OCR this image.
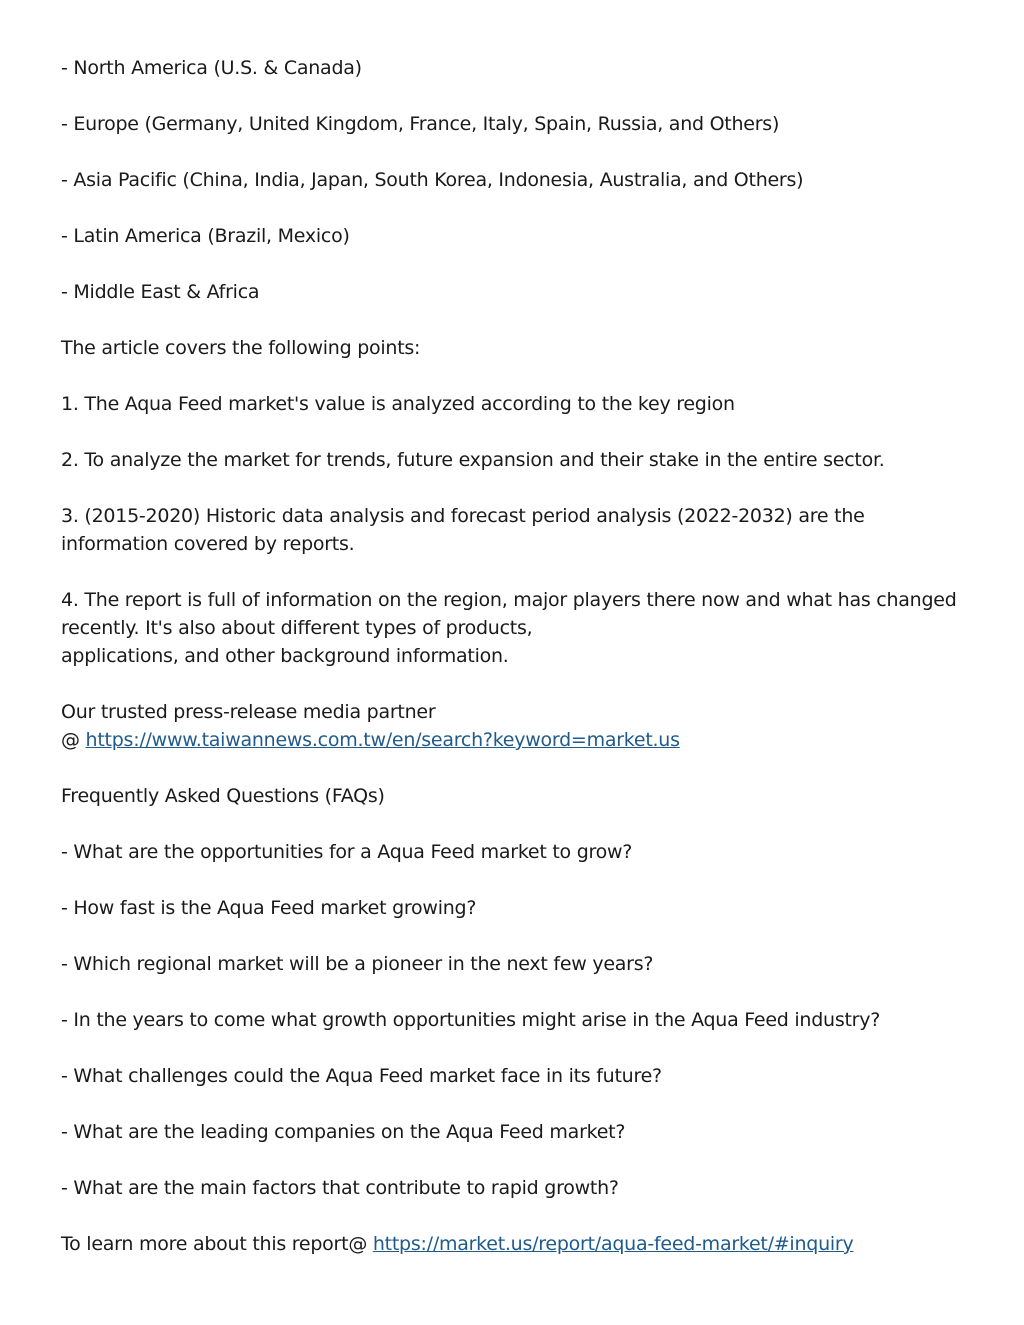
- North America (U.S. & Canada)

- Europe (Germany, United Kingdom, France, Italy, Spain, Russia, and Others)

- Asia Pacific (China, India, Japan, South Korea, Indonesia, Australia, and Others)

- Latin America (Brazil, Mexico)

- Middle East & Africa

The article covers the following points:

1. The Aqua Feed market's value is analyzed according to the key region

2. To analyze the market for trends, future expansion and their stake in the entire sector.

3. (2015-2020) Historic data analysis and forecast period analysis (2022-2032) are the information covered by reports.

4. The report is full of information on the region, major players there now and what has changed recently. It's also about different types of products,
applications, and other background information.

Our trusted press-release media partner
@ https://www.taiwannews.com.tw/en/search?keyword=market.us

Frequently Asked Questions (FAQs)

- What are the opportunities for a Aqua Feed market to grow?

- How fast is the Aqua Feed market growing?

- Which regional market will be a pioneer in the next few years?

- In the years to come what growth opportunities might arise in the Aqua Feed industry?

- What challenges could the Aqua Feed market face in its future?

- What are the leading companies on the Aqua Feed market?

- What are the main factors that contribute to rapid growth?

To learn more about this report@ https://market.us/report/aqua-feed-market/#inquiry
